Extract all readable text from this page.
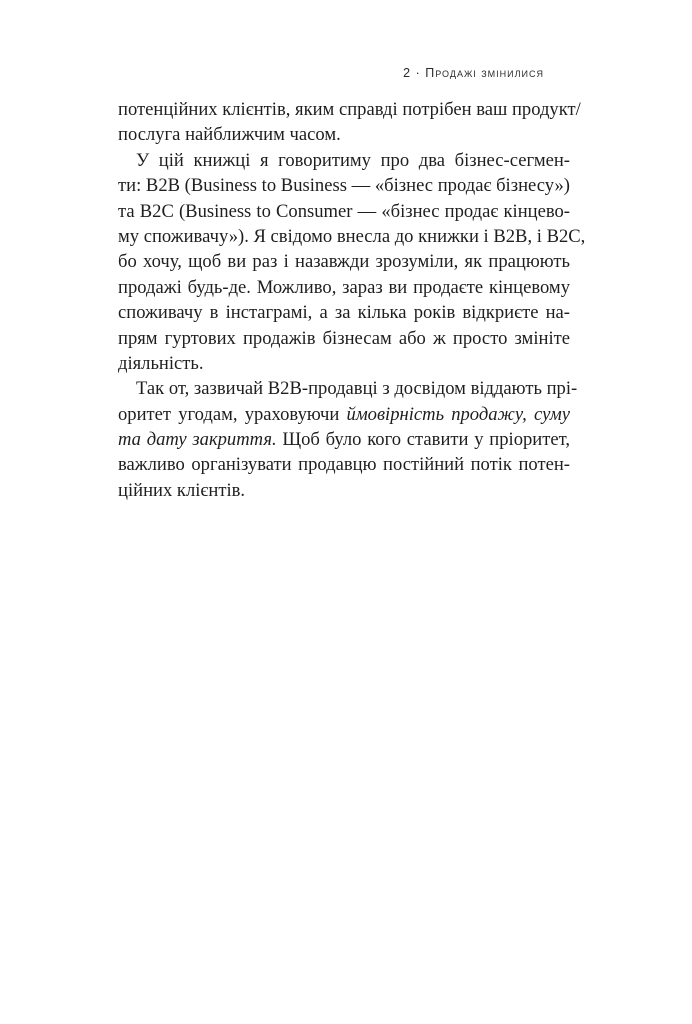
2 · Продажі змінилися

потенційних клієнтів, яким справді потрібен ваш продукт/
послуга найближчим часом.

У цій книжці я говоритиму про два бізнес-сегмен-
ти: B2B (Business to Business — «бізнес продає бізнесу»)
та B2C (Business to Consumer — «бізнес продає кінцево-
му споживачу»). Я свідомо внесла до книжки і B2B, і B2C,
бо хочу, щоб ви раз і назавжди зрозуміли, як працюють
продажі будь-де. Можливо, зараз ви продаєте кінцевому
споживачу в інстаграмі, а за кілька років відкриєте на-
прям гуртових продажів бізнесам або ж просто змініте
діяльність.

Так от, зазвичай B2B-продавці з досвідом віддають прі-
оритет угодам, ураховуючи ймовірність продажу, суму
та дату закриття. Щоб було кого ставити у пріоритет,
важливо організувати продавцю постійний потік потен-
ційних клієнтів.
